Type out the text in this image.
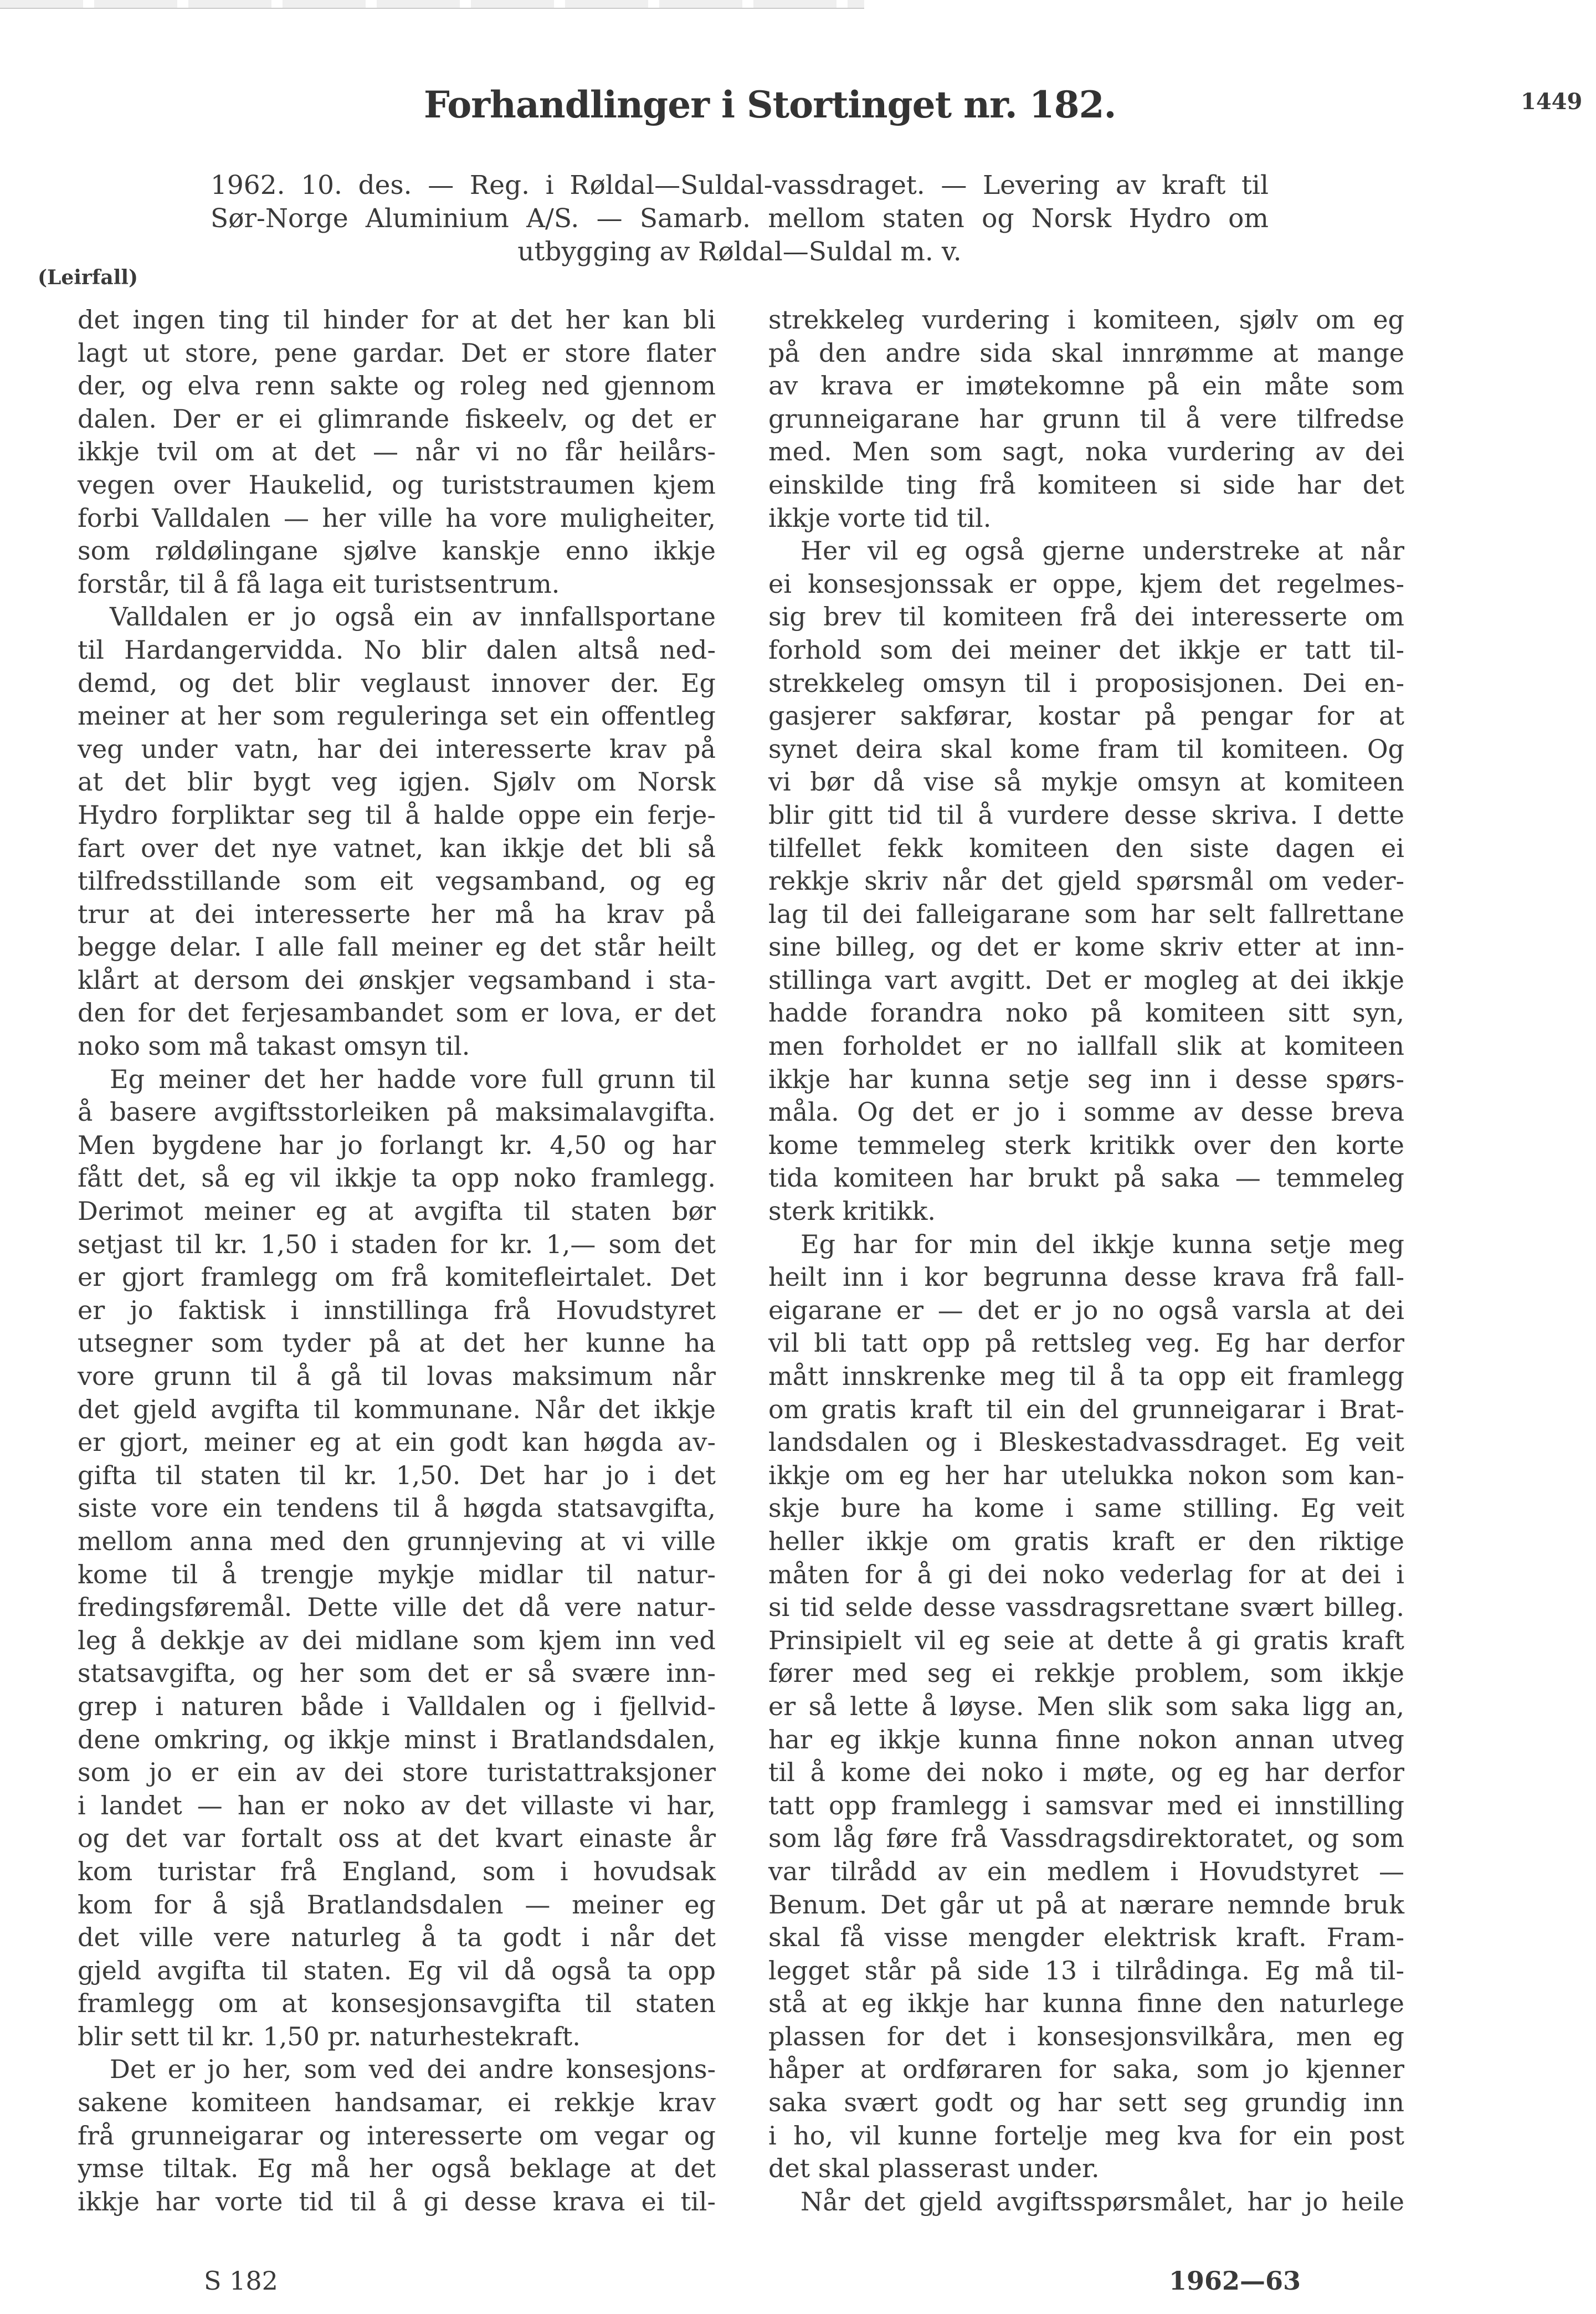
Forhandlinger i Stortinget nr. 182.	1449
1962. 10. des. — Reg. i Røldal—Suldal-vassdraget. — Levering av kraft til
Sør-Norge Aluminium A/S. — Samarb. mellom staten og Norsk Hydro om
utbygging av Røldal—Suldal m. v.
(Leirfall)
det ingen ting til hinder for at det her kan bli
lagt ut store, pene gardar. Det er store flater
der, og elva renn sakte og roleg ned gjennom
dalen. Der er ei glimrande fiskeelv, og det er
ikkje tvil om at det — når vi no får heilårs-
vegen over Haukelid, og turiststraumen kjem
forbi Valldalen — her ville ha vore muligheiter,
som røldølingane sjølve kanskje enno ikkje
forstår, til å få laga eit turistsentrum.
Valldalen er jo også ein av innfallsportane
til Hardangervidda. No blir dalen altså ned-
demd, og det blir veglaust innover der. Eg
meiner at her som reguleringa set ein offentleg
veg under vatn, har dei interesserte krav på
at det blir bygt veg igjen. Sjølv om Norsk
Hydro forpliktar seg til å halde oppe ein ferje-
fart over det nye vatnet, kan ikkje det bli så
tilfredsstillande som eit vegsamband, og eg
trur at dei interesserte her må ha krav på
begge delar. I alle fall meiner eg det står heilt
klårt at dersom dei ønskjer vegsamband i sta-
den for det ferjesambandet som er lova, er det
noko som må takast omsyn til.
Eg meiner det her hadde vore full grunn til
å basere avgiftsstorleiken på maksimalavgifta.
Men bygdene har jo forlangt kr. 4,50 og har
fått det, så eg vil ikkje ta opp noko framlegg.
Derimot meiner eg at avgifta til staten bør
setjast til kr. 1,50 i staden for kr. 1,— som det
er gjort framlegg om frå komitefleirtalet. Det
er jo faktisk i innstillinga frå Hovudstyret
utsegner som tyder på at det her kunne ha
vore grunn til å gå til lovas maksimum når
det gjeld avgifta til kommunane. Når det ikkje
er gjort, meiner eg at ein godt kan høgda av-
gifta til staten til kr. 1,50. Det har jo i det
siste vore ein tendens til å høgda statsavgifta,
mellom anna med den grunnjeving at vi ville
kome til å trengje mykje midlar til natur-
fredingsføremål. Dette ville det då vere natur-
leg å dekkje av dei midlane som kjem inn ved
statsavgifta, og her som det er så svære inn-
grep i naturen både i Valldalen og i fjellvid-
dene omkring, og ikkje minst i Bratlandsdalen,
som jo er ein av dei store turistattraksjoner
i landet — han er noko av det villaste vi har,
og det var fortalt oss at det kvart einaste år
kom turistar frå England, som i hovudsak
kom for å sjå Bratlandsdalen — meiner eg
det ville vere naturleg å ta godt i når det
gjeld avgifta til staten. Eg vil då også ta opp
framlegg om at konsesjonsavgifta til staten
blir sett til kr. 1,50 pr. naturhestekraft.
Det er jo her, som ved dei andre konsesjons-
sakene komiteen handsamar, ei rekkje krav
frå grunneigarar og interesserte om vegar og
ymse tiltak. Eg må her også beklage at det
ikkje har vorte tid til å gi desse krava ei til-
strekkeleg vurdering i komiteen, sjølv om eg
på den andre sida skal innrømme at mange
av krava er imøtekomne på ein måte som
grunneigarane har grunn til å vere tilfredse
med. Men som sagt, noka vurdering av dei
einskilde ting frå komiteen si side har det
ikkje vorte tid til.
Her vil eg også gjerne understreke at når
ei konsesjonssak er oppe, kjem det regelmes-
sig brev til komiteen frå dei interesserte om
forhold som dei meiner det ikkje er tatt til-
strekkeleg omsyn til i proposisjonen. Dei en-
gasjerer sakførar, kostar på pengar for at
synet deira skal kome fram til komiteen. Og
vi bør då vise så mykje omsyn at komiteen
blir gitt tid til å vurdere desse skriva. I dette
tilfellet fekk komiteen den siste dagen ei
rekkje skriv når det gjeld spørsmål om veder-
lag til dei falleigarane som har selt fallrettane
sine billeg, og det er kome skriv etter at inn-
stillinga vart avgitt. Det er mogleg at dei ikkje
hadde forandra noko på komiteen sitt syn,
men forholdet er no iallfall slik at komiteen
ikkje har kunna setje seg inn i desse spørs-
måla. Og det er jo i somme av desse breva
kome temmeleg sterk kritikk over den korte
tida komiteen har brukt på saka — temmeleg
sterk kritikk.
Eg har for min del ikkje kunna setje meg
heilt inn i kor begrunna desse krava frå fall-
eigarane er — det er jo no også varsla at dei
vil bli tatt opp på rettsleg veg. Eg har derfor
mått innskrenke meg til å ta opp eit framlegg
om gratis kraft til ein del grunneigarar i Brat-
landsdalen og i Bleskestadvassdraget. Eg veit
ikkje om eg her har utelukka nokon som kan-
skje bure ha kome i same stilling. Eg veit
heller ikkje om gratis kraft er den riktige
måten for å gi dei noko vederlag for at dei i
si tid selde desse vassdragsrettane svært billeg.
Prinsipielt vil eg seie at dette å gi gratis kraft
fører med seg ei rekkje problem, som ikkje
er så lette å løyse. Men slik som saka ligg an,
har eg ikkje kunna finne nokon annan utveg
til å kome dei noko i møte, og eg har derfor
tatt opp framlegg i samsvar med ei innstilling
som låg føre frå Vassdragsdirektoratet, og som
var tilrådd av ein medlem i Hovudstyret —
Benum. Det går ut på at nærare nemnde bruk
skal få visse mengder elektrisk kraft. Fram-
legget står på side 13 i tilrådinga. Eg må til-
stå at eg ikkje har kunna finne den naturlege
plassen for det i konsesjonsvilkåra, men eg
håper at ordføraren for saka, som jo kjenner
saka svært godt og har sett seg grundig inn
i ho, vil kunne fortelje meg kva for ein post
det skal plasserast under.
Når det gjeld avgiftsspørsmålet, har jo heile
S 182	1962—63
